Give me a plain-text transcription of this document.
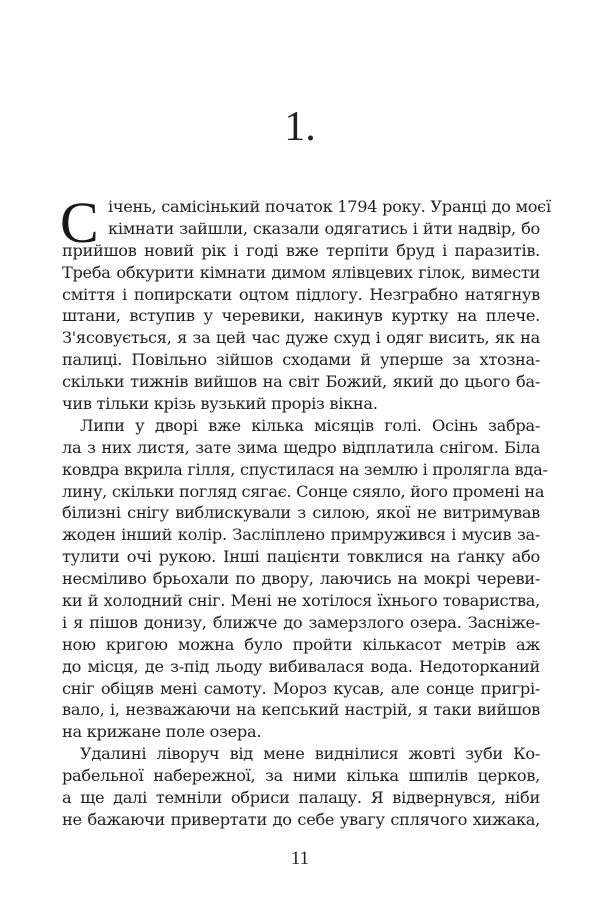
1.
С ічень, самісінький початок 1794 року. Уранці до моєї
кімнати зайшли, сказали одягатись і йти надвір, бо
прийшов новий рік і годі вже терпіти бруд і паразитів.
Треба обкурити кімнати димом ялівцевих гілок, вимести
сміття і попирскати оцтом підлогу. Незграбно натягнув
штани, вступив у черевики, накинув куртку на плече.
З'ясовується, я за цей час дуже схуд і одяг висить, як на
палиці. Повільно зійшов сходами й уперше за хтозна-
скільки тижнів вийшов на світ Божий, який до цього ба-
чив тільки крізь вузький проріз вікна.
Липи у дворі вже кілька місяців голі. Осінь забра-
ла з них листя, зате зима щедро відплатила снігом. Біла
ковдра вкрила гілля, спустилася на землю і пролягла вда-
лину, скільки погляд сягає. Сонце сяяло, його промені на
білизні снігу виблискували з силою, якої не витримував
жоден інший колір. Засліплено примружився і мусив за-
тулити очі рукою. Інші пацієнти товклися на ґанку або
несміливо брьохали по двору, лаючись на мокрі череви-
ки й холодний сніг. Мені не хотілося їхнього товариства,
і я пішов донизу, ближче до замерзлого озера. Засніже-
ною кригою можна було пройти кількасот метрів аж
до місця, де з-під льоду вибивалася вода. Недоторканий
сніг обіцяв мені самоту. Мороз кусав, але сонце пригрі-
вало, і, незважаючи на кепський настрій, я таки вийшов
на крижане поле озера.
Удалині ліворуч від мене виднілися жовті зуби Ко-
рабельної набережної, за ними кілька шпилів церков,
а ще далі темніли обриси палацу. Я відвернувся, ніби
не бажаючи привертати до себе увагу сплячого хижака,
11
